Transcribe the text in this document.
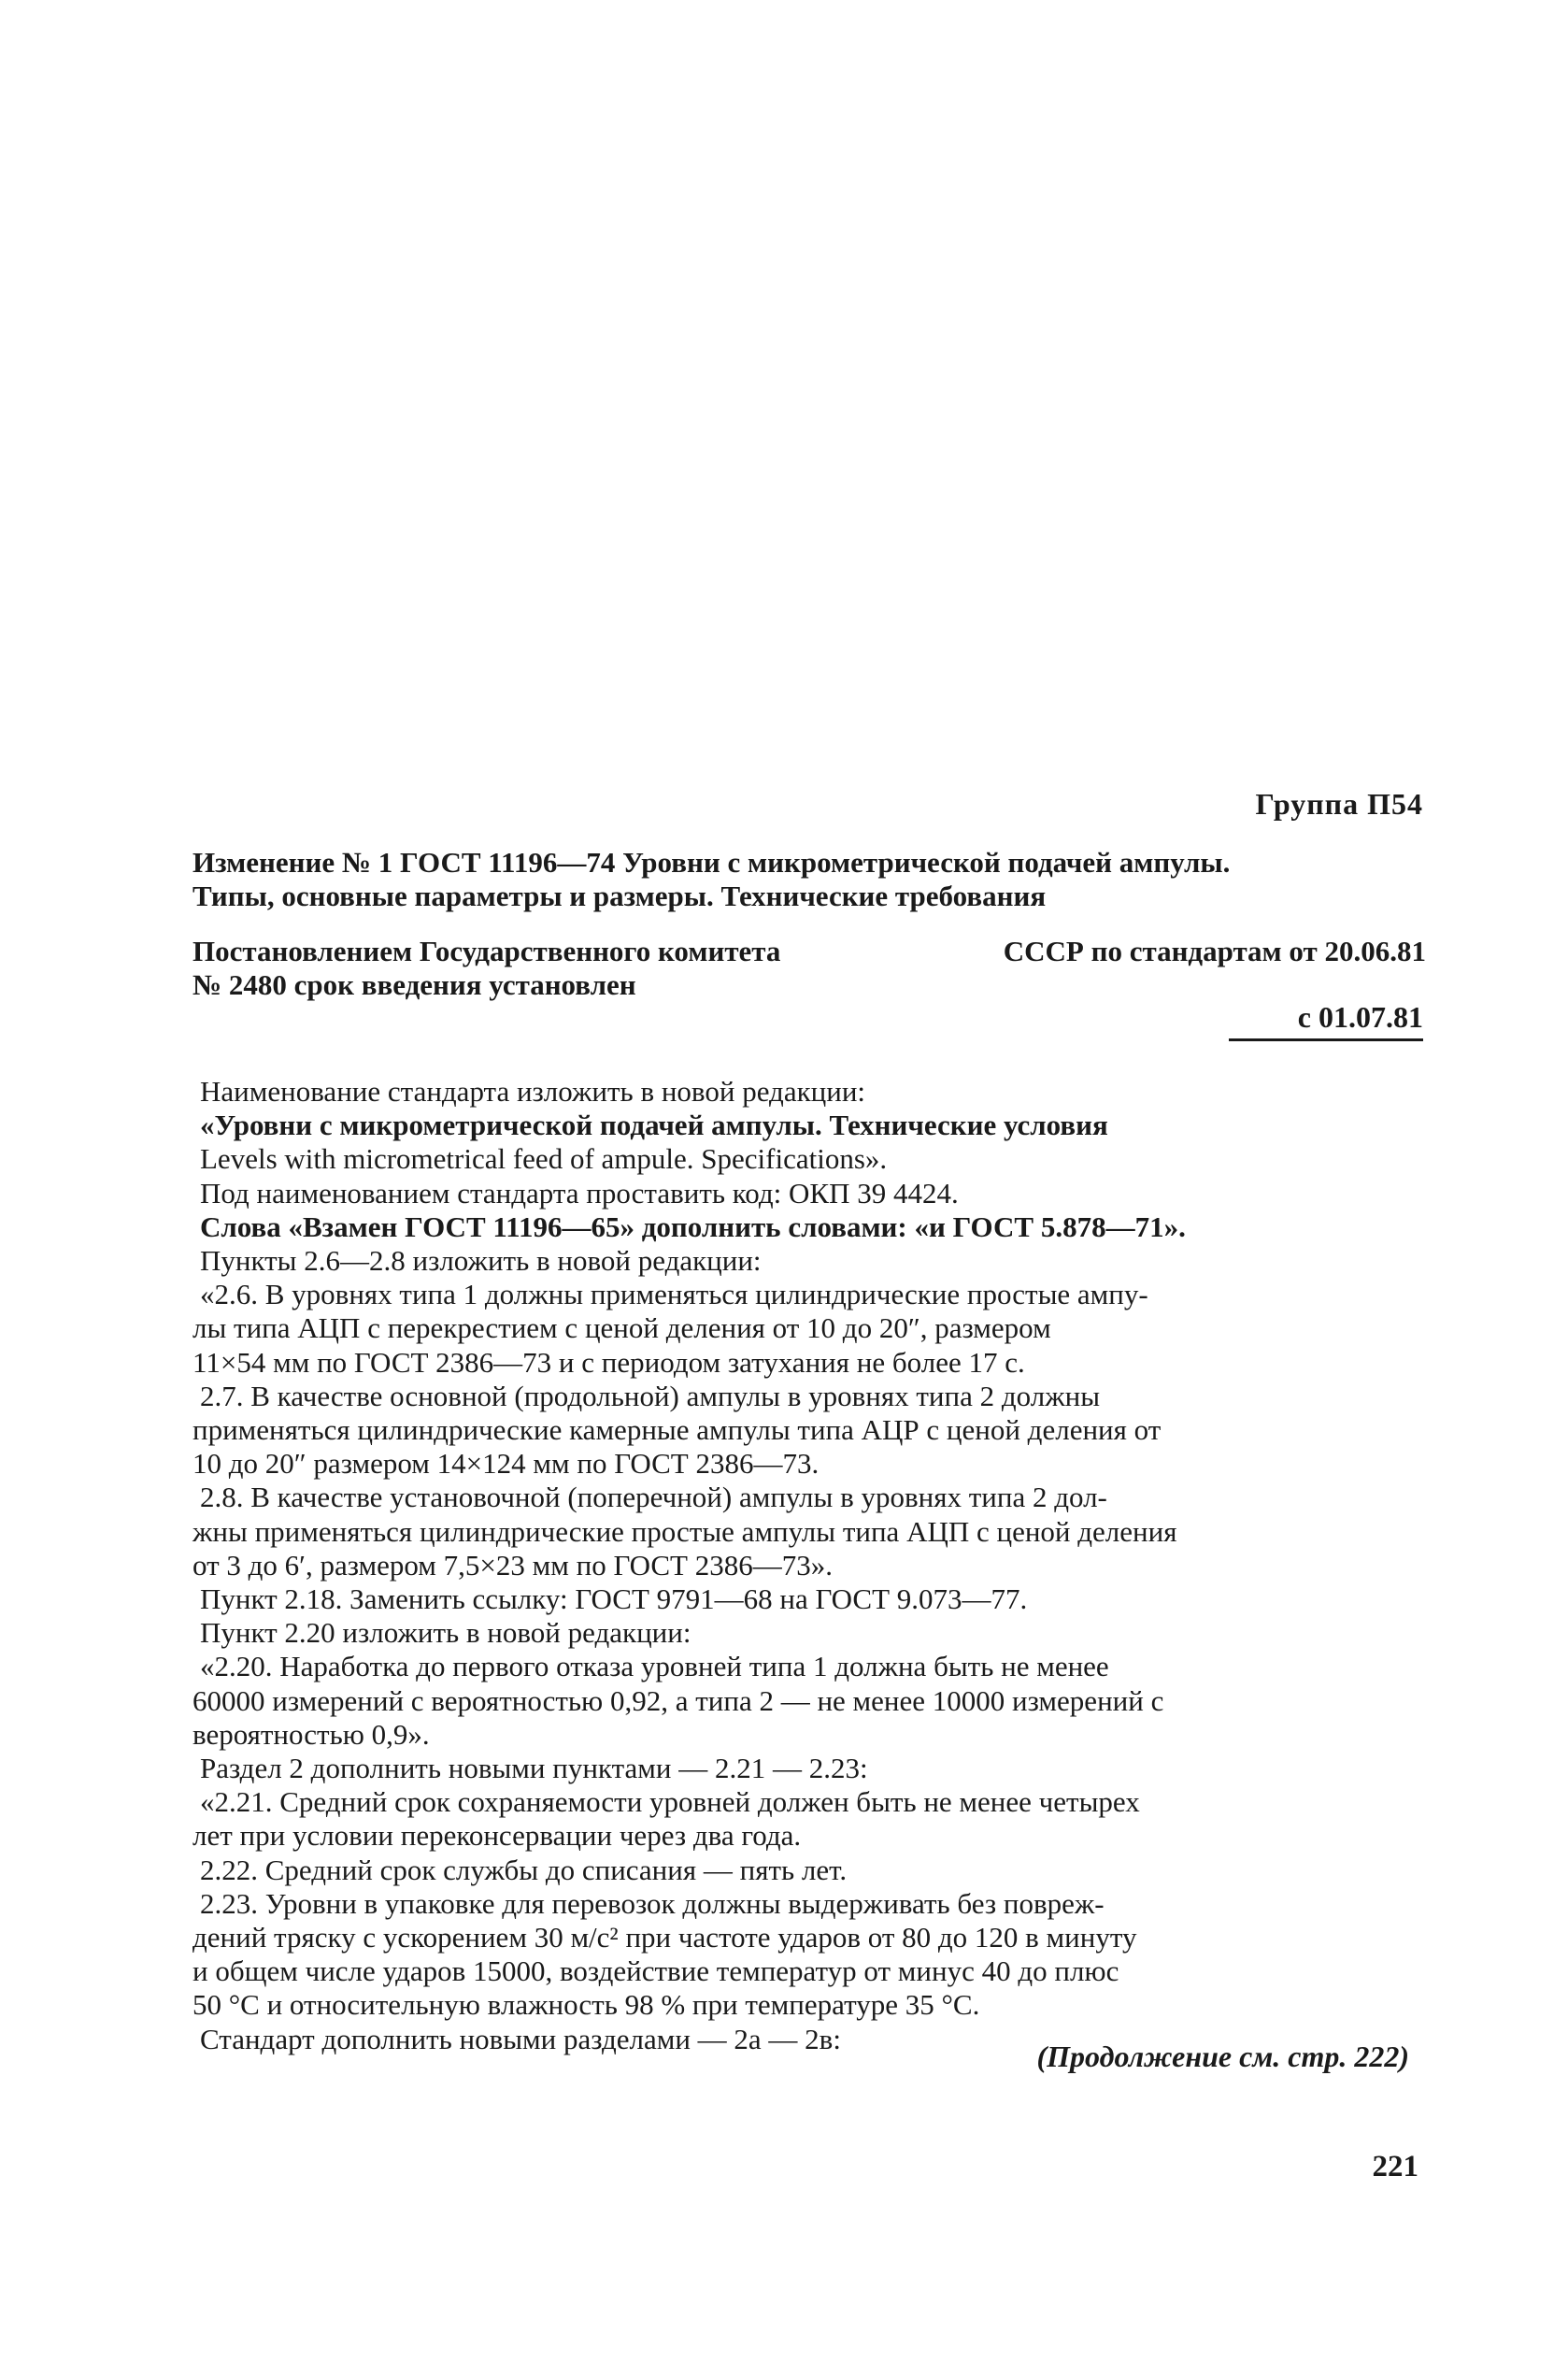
Группа П54
Изменение № 1 ГОСТ 11196—74 Уровни с микрометрической подачей ампулы.
Типы, основные параметры и размеры. Технические требования
Постановлением Государственного комитета	СССР по стандартам от 20.06.81
№ 2480 срок введения установлен
с 01.07.81

Наименование стандарта изложить в новой редакции:

«Уровни с микрометрической подачей ампулы. Технические условия

Levels with micrometrical feed of ampule. Specifications».

Под наименованием стандарта проставить код: ОКП 39 4424.

Слова «Взамен ГОСТ 11196—65» дополнить словами: «и ГОСТ 5.878—71».

Пункты 2.6—2.8 изложить в новой редакции:

«2.6. В уровнях типа 1 должны применяться цилиндрические простые ампу-

лы типа АЦП с перекрестием с ценой деления от 10 до 20″, размером

11×54 мм по ГОСТ 2386—73 и с периодом затухания не более 17 с.

2.7. В качестве основной (продольной) ампулы в уровнях типа 2 должны

применяться цилиндрические камерные ампулы типа АЦР с ценой деления от

10 до 20″ размером 14×124 мм по ГОСТ 2386—73.

2.8. В качестве установочной (поперечной) ампулы в уровнях типа 2 дол-

жны применяться цилиндрические простые ампулы типа АЦП с ценой деления

от 3 до 6′, размером 7,5×23 мм по ГОСТ 2386—73».

Пункт 2.18. Заменить ссылку: ГОСТ 9791—68 на ГОСТ 9.073—77.

Пункт 2.20 изложить в новой редакции:

«2.20. Наработка до первого отказа уровней типа 1 должна быть не менее

60000 измерений с вероятностью 0,92, а типа 2 — не менее 10000 измерений с

вероятностью 0,9».

Раздел 2 дополнить новыми пунктами — 2.21 — 2.23:

«2.21. Средний срок сохраняемости уровней должен быть не менее четырех

лет при условии переконсервации через два года.

2.22. Средний срок службы до списания — пять лет.

2.23. Уровни в упаковке для перевозок должны выдерживать без повреж-

дений тряску с ускорением 30 м/с² при частоте ударов от 80 до 120 в минуту

и общем числе ударов 15000, воздействие температур от минус 40 до плюс

50 °С и относительную влажность 98 % при температуре 35 °С.

Стандарт дополнить новыми разделами — 2а — 2в:

(Продолжение см. стр. 222)
221
